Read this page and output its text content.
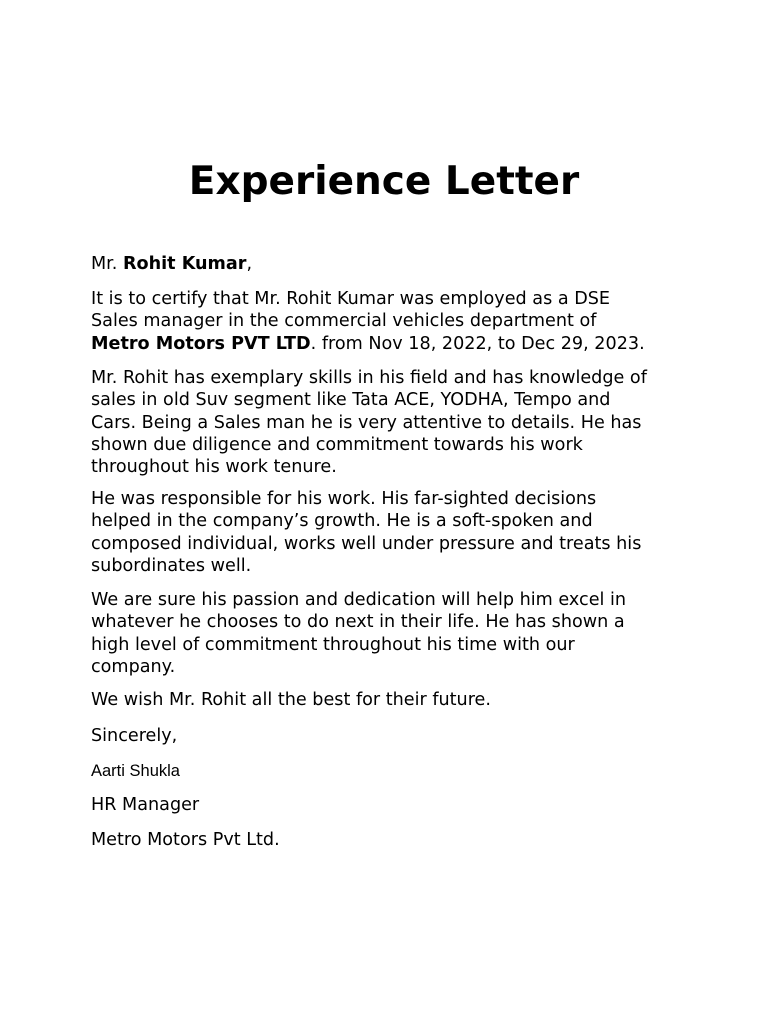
Experience Letter

Mr. Rohit Kumar,

It is to certify that Mr. Rohit Kumar was employed as a DSE
Sales manager in the commercial vehicles department of
Metro Motors PVT LTD. from Nov 18, 2022, to Dec 29, 2023.

Mr. Rohit has exemplary skills in his field and has knowledge of
sales in old Suv segment like Tata ACE, YODHA, Tempo and
Cars. Being a Sales man he is very attentive to details. He has
shown due diligence and commitment towards his work
throughout his work tenure.

He was responsible for his work. His far-sighted decisions
helped in the company’s growth. He is a soft-spoken and
composed individual, works well under pressure and treats his
subordinates well.

We are sure his passion and dedication will help him excel in
whatever he chooses to do next in their life. He has shown a
high level of commitment throughout his time with our
company.

We wish Mr. Rohit all the best for their future.

Sincerely,

Aarti Shukla

HR Manager

Metro Motors Pvt Ltd.
